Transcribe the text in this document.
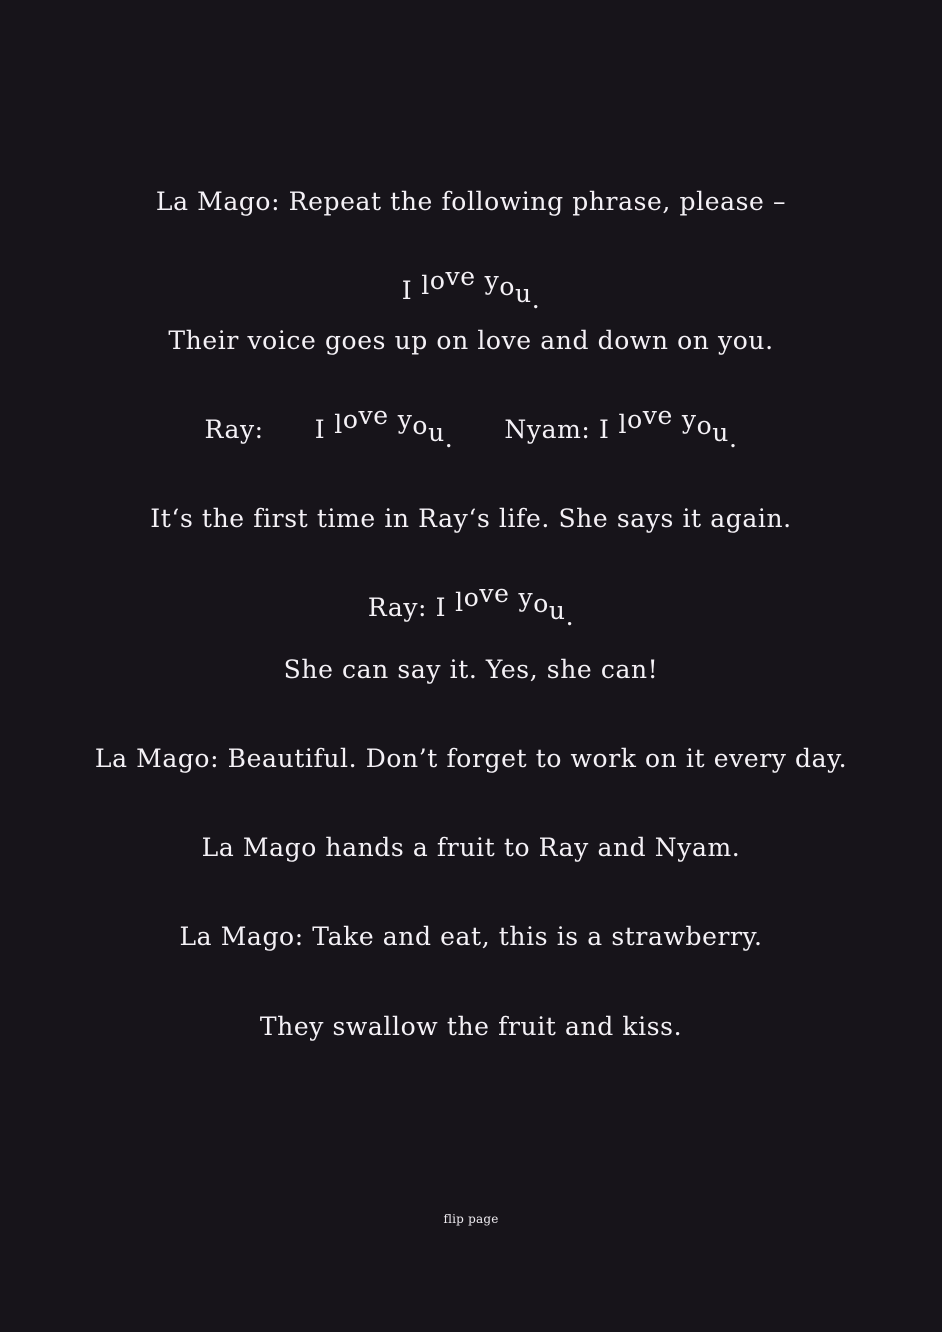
La Mago: Repeat the following phrase, please –
I love you.
Their voice goes up on love and down on you.
Ray: I love you. Nyam: I love you.
It‘s the first time in Ray‘s life. She says it again.
Ray: I love you.
She can say it. Yes, she can!
La Mago: Beautiful. Don’t forget to work on it every day.
La Mago hands a fruit to Ray and Nyam.
La Mago: Take and eat, this is a strawberry.
They swallow the fruit and kiss.
flip page
